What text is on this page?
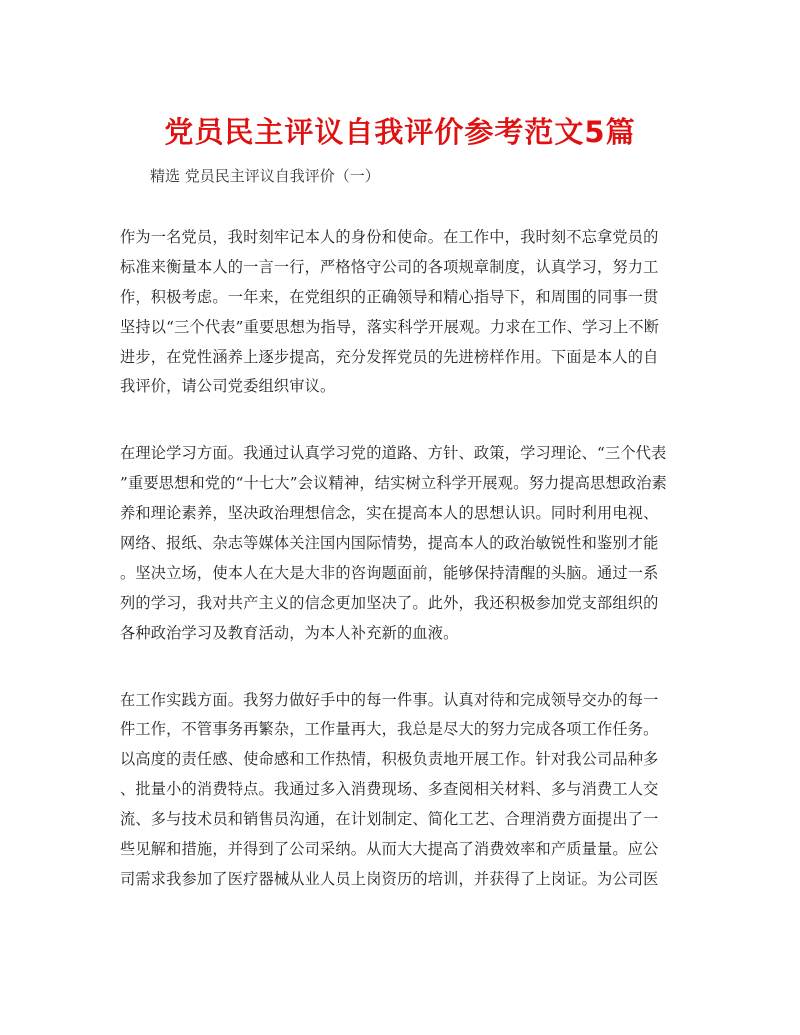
党员民主评议自我评价参考范文5篇
精选 党员民主评议自我评价（一）
作为一名党员，我时刻牢记本人的身份和使命。在工作中，我时刻不忘拿党员的
标准来衡量本人的一言一行，严格恪守公司的各项规章制度，认真学习，努力工
作，积极考虑。一年来，在党组织的正确领导和精心指导下，和周围的同事一贯
坚持以“三个代表”重要思想为指导，落实科学开展观。力求在工作、学习上不断
进步，在党性涵养上逐步提高，充分发挥党员的先进榜样作用。下面是本人的自
我评价，请公司党委组织审议。
在理论学习方面。我通过认真学习党的道路、方针、政策，学习理论、“三个代表
”重要思想和党的“十七大”会议精神，结实树立科学开展观。努力提高思想政治素
养和理论素养，坚决政治理想信念，实在提高本人的思想认识。同时利用电视、
网络、报纸、杂志等媒体关注国内国际情势，提高本人的政治敏锐性和鉴别才能
。坚决立场，使本人在大是大非的咨询题面前，能够保持清醒的头脑。通过一系
列的学习，我对共产主义的信念更加坚决了。此外，我还积极参加党支部组织的
各种政治学习及教育活动，为本人补充新的血液。
在工作实践方面。我努力做好手中的每一件事。认真对待和完成领导交办的每一
件工作，不管事务再繁杂，工作量再大，我总是尽大的努力完成各项工作任务。
以高度的责任感、使命感和工作热情，积极负责地开展工作。针对我公司品种多
、批量小的消费特点。我通过多入消费现场、多查阅相关材料、多与消费工人交
流、多与技术员和销售员沟通，在计划制定、简化工艺、合理消费方面提出了一
些见解和措施，并得到了公司采纳。从而大大提高了消费效率和产质量量。应公
司需求我参加了医疗器械从业人员上岗资历的培训，并获得了上岗证。为公司医
